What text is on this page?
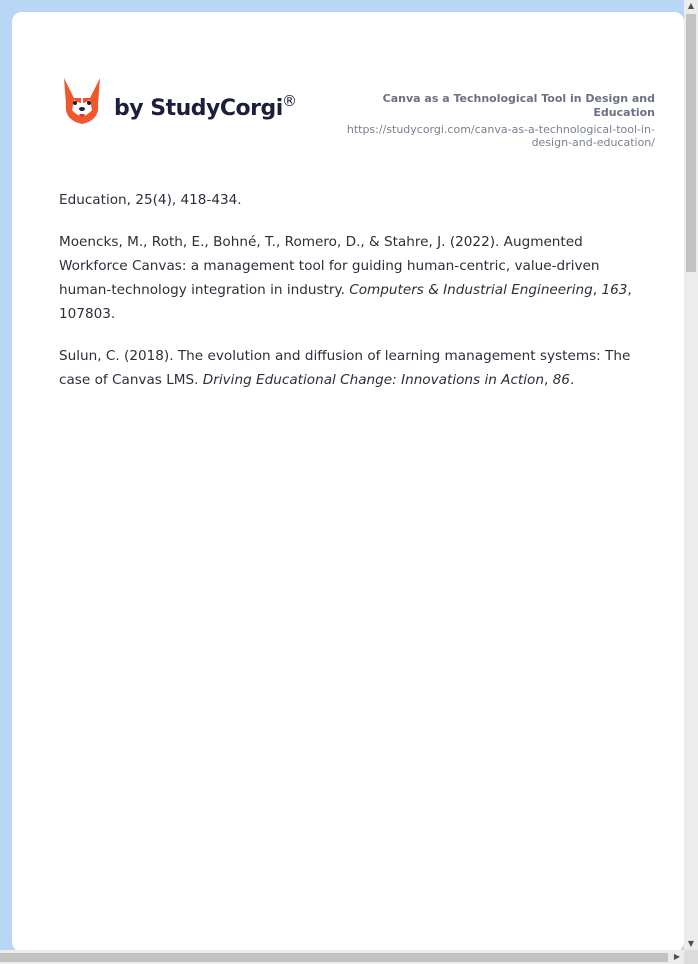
by StudyCorgi ®	Canva as a Technological Tool in Design and Education
https://studycorgi.com/canva-as-a-technological-tool-in-design-and-education/

Education, 25(4), 418-434.

Moencks, M., Roth, E., Bohné, T., Romero, D., & Stahre, J. (2022). Augmented Workforce Canvas: a management tool for guiding human-centric, value-driven human-technology integration in industry. Computers & Industrial Engineering, 163, 107803.

Sulun, C. (2018). The evolution and diffusion of learning management systems: The case of Canvas LMS. Driving Educational Change: Innovations in Action, 86.

▲
▼
▶
